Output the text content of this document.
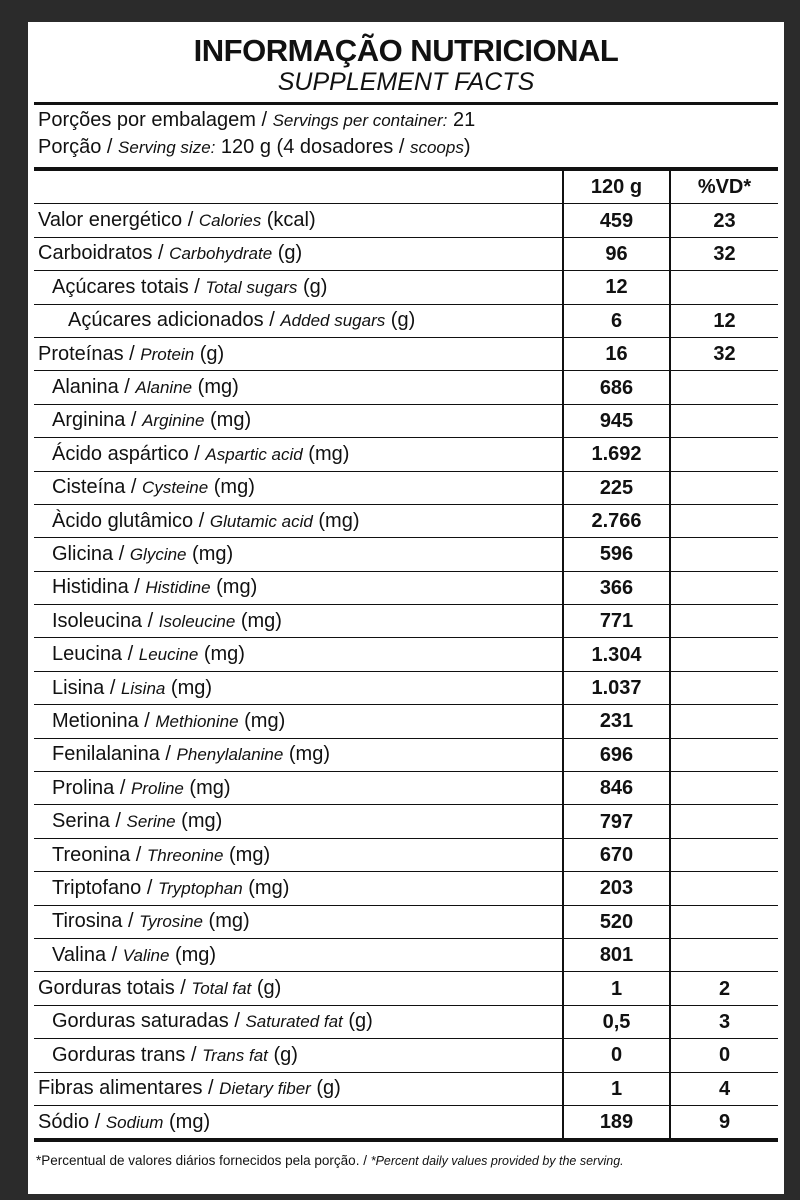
INFORMAÇÃO NUTRICIONAL
SUPPLEMENT FACTS
Porções por embalagem / Servings per container: 21
Porção / Serving size: 120 g (4 dosadores / scoops)
	120 g	%VD*
Valor energético / Calories (kcal)	459	23
Carboidratos / Carbohydrate (g)	96	32
Açúcares totais / Total sugars (g)	12	
Açúcares adicionados / Added sugars (g)	6	12
Proteínas / Protein (g)	16	32
Alanina / Alanine (mg)	686	
Arginina / Arginine (mg)	945	
Ácido aspártico / Aspartic acid (mg)	1.692	
Cisteína / Cysteine (mg)	225	
Àcido glutâmico / Glutamic acid (mg)	2.766	
Glicina / Glycine (mg)	596	
Histidina / Histidine (mg)	366	
Isoleucina / Isoleucine (mg)	771	
Leucina / Leucine (mg)	1.304	
Lisina / Lisina (mg)	1.037	
Metionina / Methionine (mg)	231	
Fenilalanina / Phenylalanine (mg)	696	
Prolina / Proline (mg)	846	
Serina / Serine (mg)	797	
Treonina / Threonine (mg)	670	
Triptofano / Tryptophan (mg)	203	
Tirosina / Tyrosine (mg)	520	
Valina / Valine (mg)	801	
Gorduras totais / Total fat (g)	1	2
Gorduras saturadas / Saturated fat (g)	0,5	3
Gorduras trans / Trans fat (g)	0	0
Fibras alimentares / Dietary fiber (g)	1	4
Sódio / Sodium (mg)	189	9
*Percentual de valores diários fornecidos pela porção. / *Percent daily values provided by the serving.
